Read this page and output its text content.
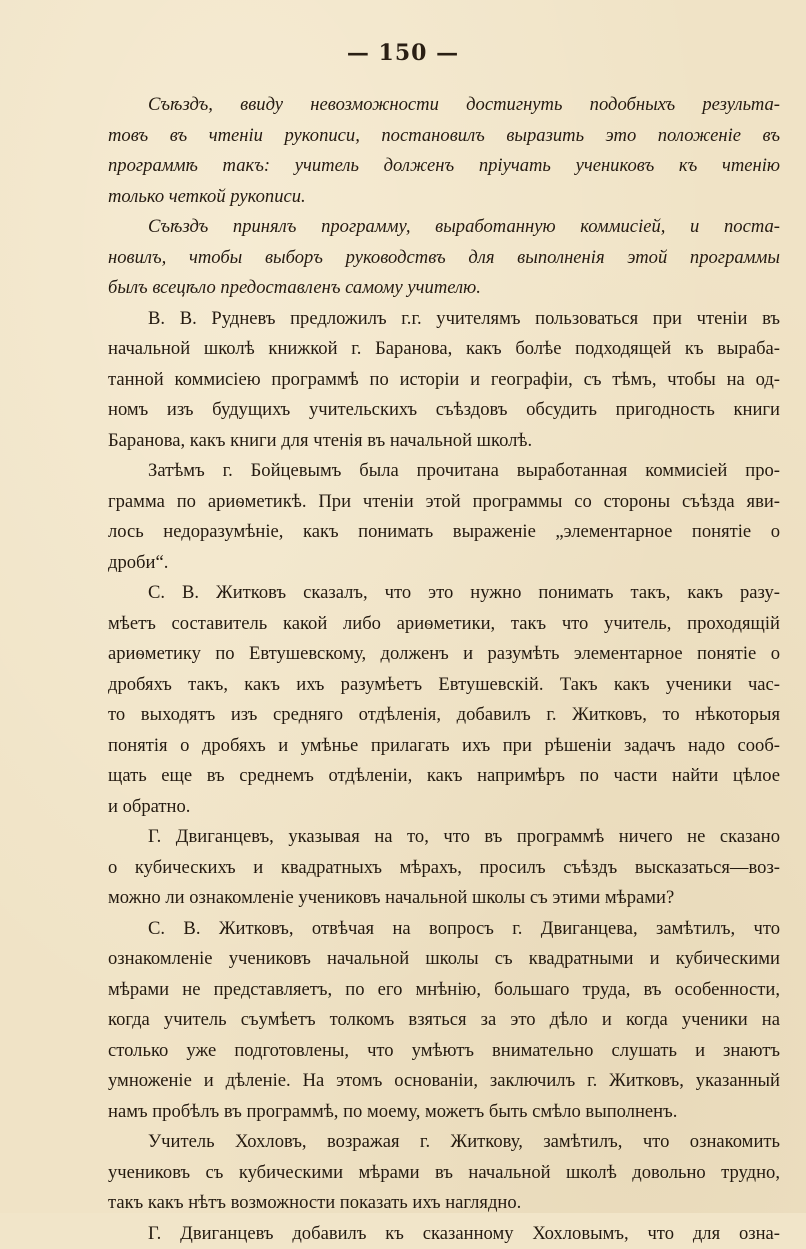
— 150 —
Съѣздъ, ввиду невозможности достигнуть подобныхъ результа-
товъ въ чтеніи рукописи, постановилъ выразить это положеніе въ
программѣ такъ: учитель долженъ пріучать учениковъ къ чтенію
только четкой рукописи.
Съѣздъ принялъ программу, выработанную коммисіей, и поста-
новилъ, чтобы выборъ руководствъ для выполненія этой программы
былъ всецѣло предоставленъ самому учителю.
В. В. Рудневъ предложилъ г.г. учителямъ пользоваться при чтеніи въ
начальной школѣ книжкой г. Баранова, какъ болѣе подходящей къ выраба-
танной коммисіею программѣ по исторіи и географіи, съ тѣмъ, чтобы на од-
номъ изъ будущихъ учительскихъ съѣздовъ обсудить пригодность книги
Баранова, какъ книги для чтенія въ начальной школѣ.
Затѣмъ г. Бойцевымъ была прочитана выработанная коммисіей про-
грамма по ариѳметикѣ. При чтеніи этой программы со стороны съѣзда яви-
лось недоразумѣніе, какъ понимать выраженіе „элементарное понятіе о
дроби“.
С. В. Житковъ сказалъ, что это нужно понимать такъ, какъ разу-
мѣетъ составитель какой либо ариѳметики, такъ что учитель, проходящій
ариѳметику по Евтушевскому, долженъ и разумѣть элементарное понятіе о
дробяхъ такъ, какъ ихъ разумѣетъ Евтушевскій. Такъ какъ ученики час-
то выходятъ изъ средняго отдѣленія, добавилъ г. Житковъ, то нѣкоторыя
понятія о дробяхъ и умѣнье прилагать ихъ при рѣшеніи задачъ надо сооб-
щать еще въ среднемъ отдѣленіи, какъ напримѣръ по части найти цѣлое
и обратно.
Г. Двиганцевъ, указывая на то, что въ программѣ ничего не сказано
о кубическихъ и квадратныхъ мѣрахъ, просилъ съѣздъ высказаться—воз-
можно ли ознакомленіе учениковъ начальной школы съ этими мѣрами?
С. В. Житковъ, отвѣчая на вопросъ г. Двиганцева, замѣтилъ, что
ознакомленіе учениковъ начальной школы съ квадратными и кубическими
мѣрами не представляетъ, по его мнѣнію, большаго труда, въ особенности,
когда учитель съумѣетъ толкомъ взяться за это дѣло и когда ученики на
столько уже подготовлены, что умѣютъ внимательно слушать и знаютъ
умноженіе и дѣленіе. На этомъ основаніи, заключилъ г. Житковъ, указанный
намъ пробѣлъ въ программѣ, по моему, можетъ быть смѣло выполненъ.
Учитель Хохловъ, возражая г. Житкову, замѣтилъ, что ознакомить
учениковъ съ кубическими мѣрами въ начальной школѣ довольно трудно,
такъ какъ нѣтъ возможности показать ихъ наглядно.
Г. Двиганцевъ добавилъ къ сказанному Хохловымъ, что для озна-
